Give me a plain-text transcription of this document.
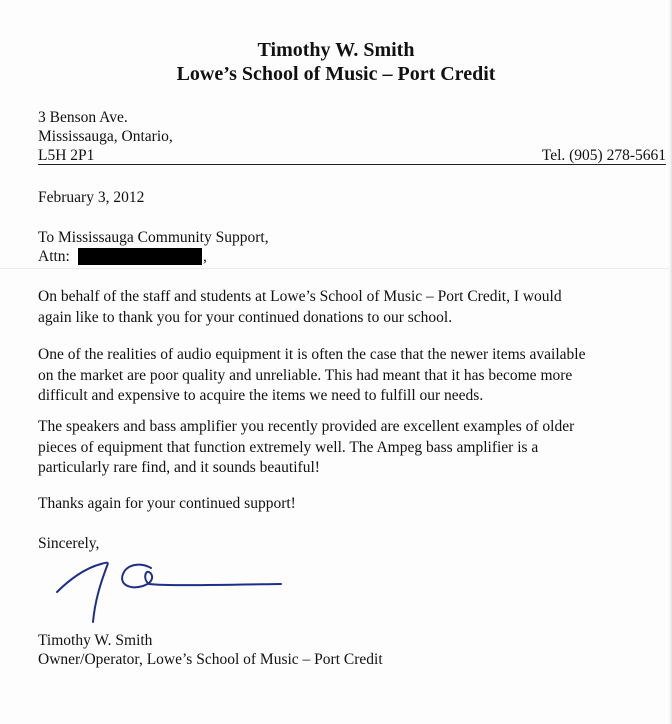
Timothy W. Smith
Lowe’s School of Music – Port Credit
3 Benson Ave.
Mississauga, Ontario,
L5H 2P1	Tel. (905) 278-5661
February 3, 2012
To Mississauga Community Support,
Attn:	,
On behalf of the staff and students at Lowe’s School of Music – Port Credit, I would
again like to thank you for your continued donations to our school.
One of the realities of audio equipment it is often the case that the newer items available
on the market are poor quality and unreliable. This had meant that it has become more
difficult and expensive to acquire the items we need to fulfill our needs.
The speakers and bass amplifier you recently provided are excellent examples of older
pieces of equipment that function extremely well. The Ampeg bass amplifier is a
particularly rare find, and it sounds beautiful!
Thanks again for your continued support!
Sincerely,
Timothy W. Smith
Owner/Operator, Lowe’s School of Music – Port Credit
